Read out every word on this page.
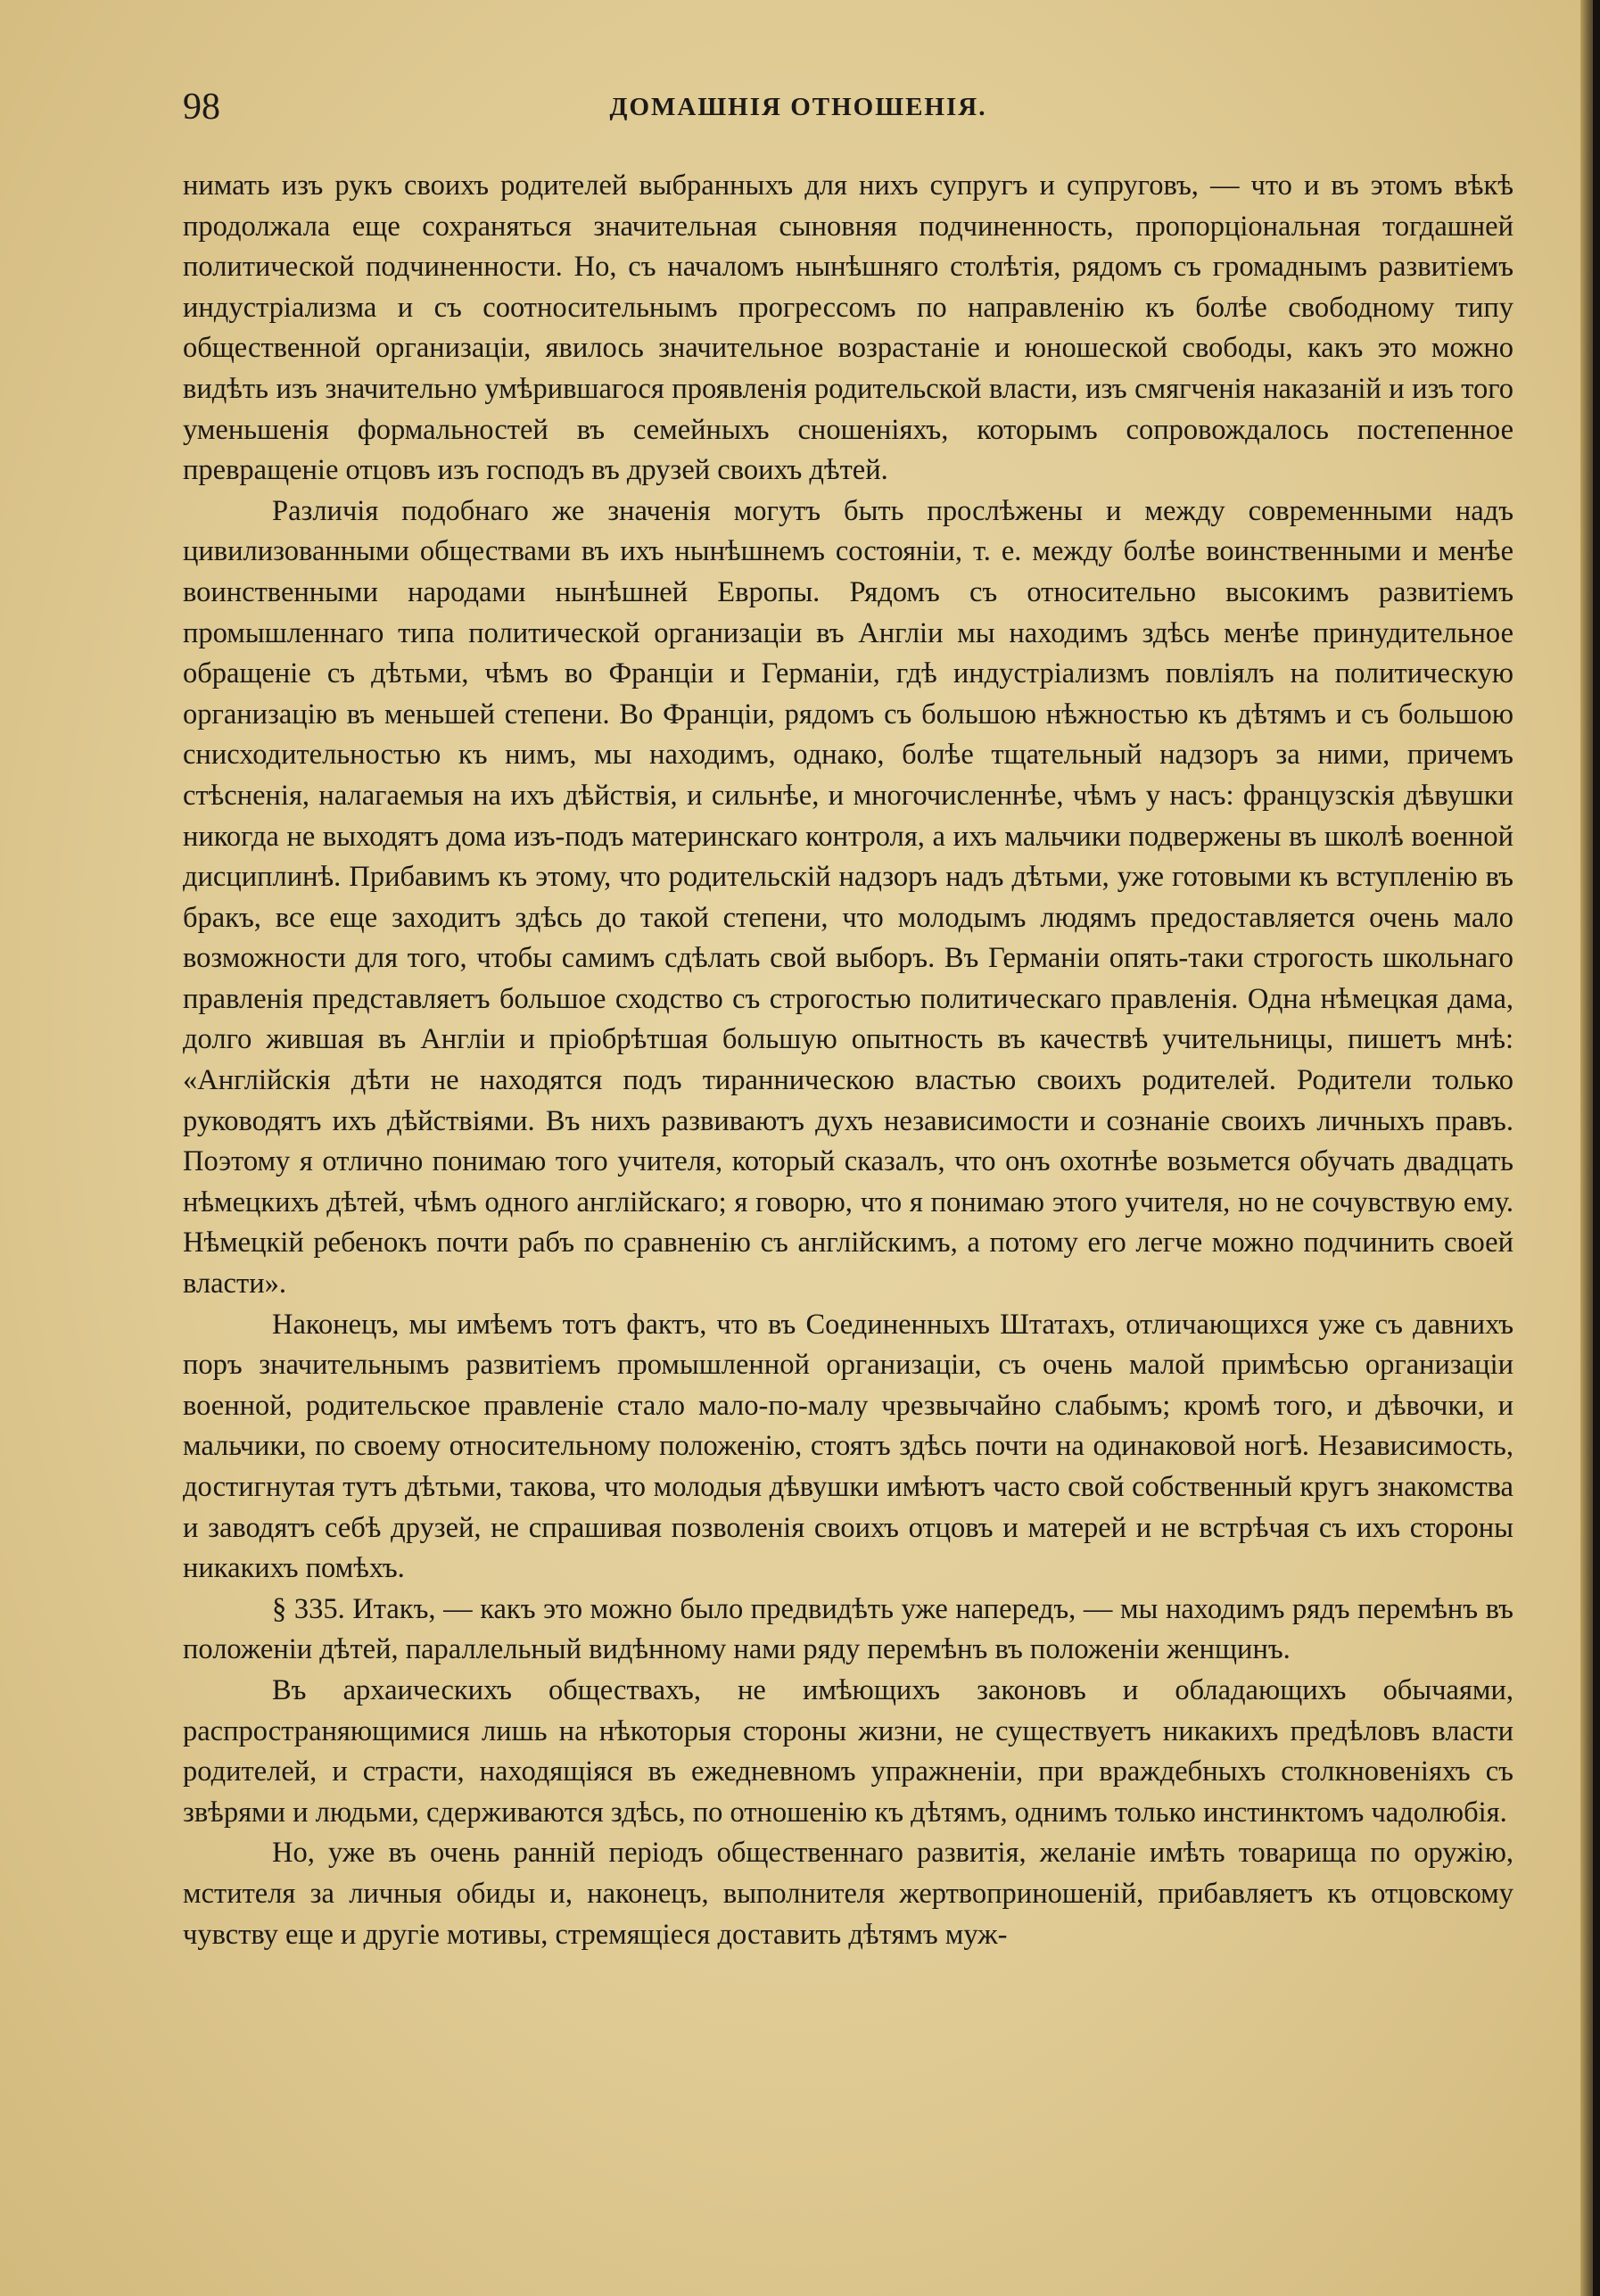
98	ДОМАШНІЯ ОТНОШЕНІЯ.

нимать изъ рукъ своихъ родителей выбранныхъ для нихъ супругъ и супруговъ, — что и въ этомъ вѣкѣ продолжала еще сохраняться значительная сыновняя подчиненность, пропорціональная тогдашней политической подчиненности. Но, съ началомъ нынѣшняго столѣтія, рядомъ съ громаднымъ развитіемъ индустріализма и съ соотносительнымъ прогрессомъ по направленію къ болѣе свободному типу общественной организаціи, явилось значительное возрастаніе и юношеской свободы, какъ это можно видѣть изъ значительно умѣрившагося проявленія родительской власти, изъ смягченія наказаній и изъ того уменьшенія формальностей въ семейныхъ сношеніяхъ, которымъ сопровождалось постепенное превращеніе отцовъ изъ господъ въ друзей своихъ дѣтей.

Различія подобнаго же значенія могутъ быть прослѣжены и между современными надъ цивилизованными обществами въ ихъ нынѣшнемъ состояніи, т. е. между болѣе воинственными и менѣе воинственными народами нынѣшней Европы. Рядомъ съ относительно высокимъ развитіемъ промышленнаго типа политической организаціи въ Англіи мы находимъ здѣсь менѣе принудительное обращеніе съ дѣтьми, чѣмъ во Франціи и Германіи, гдѣ индустріализмъ повліялъ на политическую организацію въ меньшей степени. Во Франціи, рядомъ съ большою нѣжностью къ дѣтямъ и съ большою снисходительностью къ нимъ, мы находимъ, однако, болѣе тщательный надзоръ за ними, причемъ стѣсненія, налагаемыя на ихъ дѣйствія, и сильнѣе, и многочисленнѣе, чѣмъ у насъ: французскія дѣвушки никогда не выходятъ дома изъ-подъ материнскаго контроля, а ихъ мальчики подвержены въ школѣ военной дисциплинѣ. Прибавимъ къ этому, что родительскій надзоръ надъ дѣтьми, уже готовыми къ вступленію въ бракъ, все еще заходитъ здѣсь до такой степени, что молодымъ людямъ предоставляется очень мало возможности для того, чтобы самимъ сдѣлать свой выборъ. Въ Германіи опять-таки строгость школьнаго правленія представляетъ большое сходство съ строгостью политическаго правленія. Одна нѣмецкая дама, долго жившая въ Англіи и пріобрѣтшая большую опытность въ качествѣ учительницы, пишетъ мнѣ: «Англійскія дѣти не находятся подъ тиранническою властью своихъ родителей. Родители только руководятъ ихъ дѣйствіями. Въ нихъ развиваютъ духъ независимости и сознаніе своихъ личныхъ правъ. Поэтому я отлично понимаю того учителя, который сказалъ, что онъ охотнѣе возьмется обучать двадцать нѣмецкихъ дѣтей, чѣмъ одного англійскаго; я говорю, что я понимаю этого учителя, но не сочувствую ему. Нѣмецкій ребенокъ почти рабъ по сравненію съ англійскимъ, а потому его легче можно подчинить своей власти».

Наконецъ, мы имѣемъ тотъ фактъ, что въ Соединенныхъ Штатахъ, отличающихся уже съ давнихъ поръ значительнымъ развитіемъ промышленной организаціи, съ очень малой примѣсью организаціи военной, родительское правленіе стало мало-по-малу чрезвычайно слабымъ; кромѣ того, и дѣвочки, и мальчики, по своему относительному положенію, стоятъ здѣсь почти на одинаковой ногѣ. Независимость, достигнутая тутъ дѣтьми, такова, что молодыя дѣвушки имѣютъ часто свой собственный кругъ знакомства и заводятъ себѣ друзей, не спрашивая позволенія своихъ отцовъ и матерей и не встрѣчая съ ихъ стороны никакихъ помѣхъ.

§ 335. Итакъ, — какъ это можно было предвидѣть уже напередъ, — мы находимъ рядъ перемѣнъ въ положеніи дѣтей, параллельный видѣнному нами ряду перемѣнъ въ положеніи женщинъ.

Въ архаическихъ обществахъ, не имѣющихъ законовъ и обладающихъ обычаями, распространяющимися лишь на нѣкоторыя стороны жизни, не существуетъ никакихъ предѣловъ власти родителей, и страсти, находящіяся въ ежедневномъ упражненіи, при враждебныхъ столкновеніяхъ съ звѣрями и людьми, сдерживаются здѣсь, по отношенію къ дѣтямъ, однимъ только инстинктомъ чадолюбія.

Но, уже въ очень ранній періодъ общественнаго развитія, желаніе имѣть товарища по оружію, мстителя за личныя обиды и, наконецъ, выполнителя жертвоприношеній, прибавляетъ къ отцовскому чувству еще и другіе мотивы, стремящіеся доставить дѣтямъ муж-
